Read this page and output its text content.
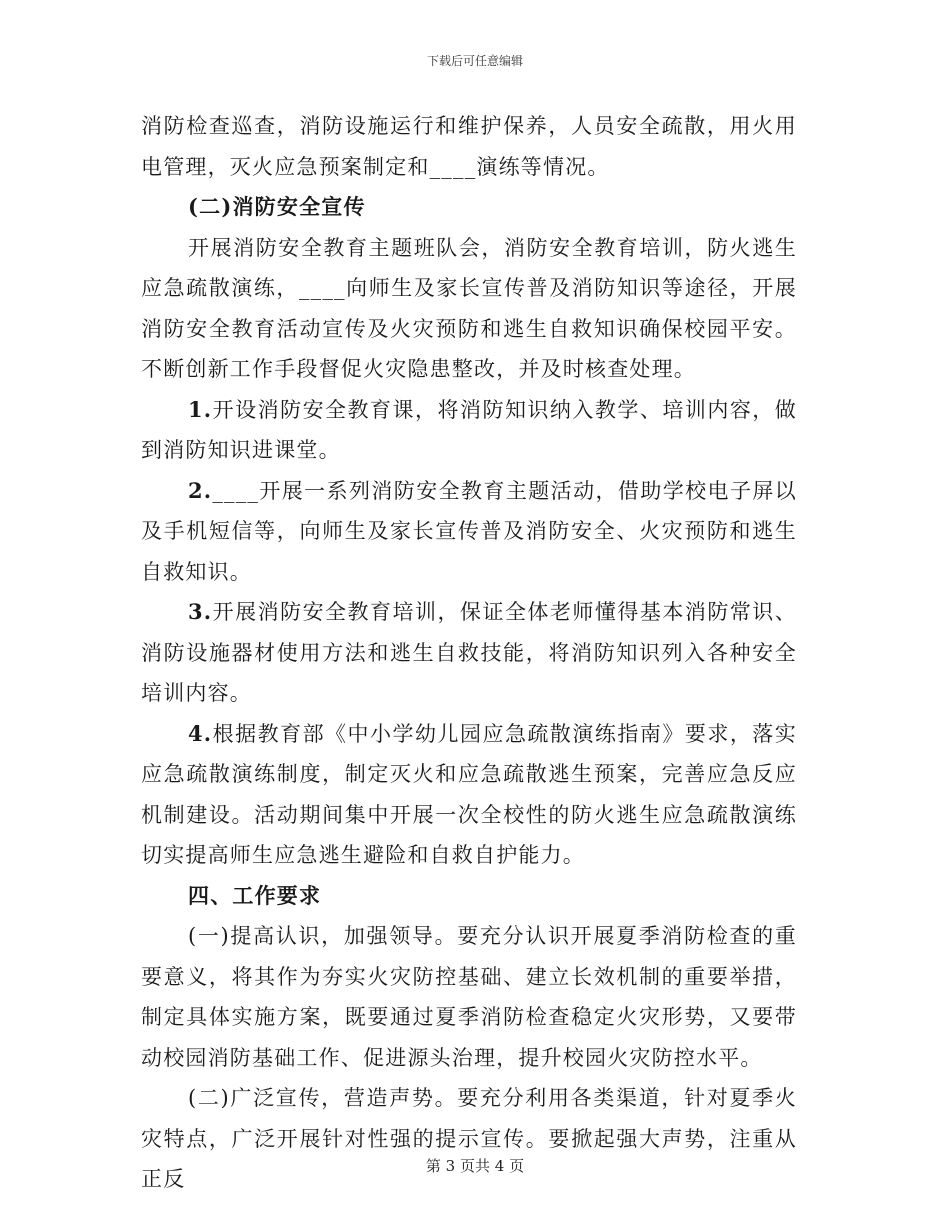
下载后可任意编辑

消防检查巡查，消防设施运行和维护保养，人员安全疏散，用火用电管理，灭火应急预案制定和____演练等情况。

(二)消防安全宣传

开展消防安全教育主题班队会，消防安全教育培训，防火逃生应急疏散演练，____向师生及家长宣传普及消防知识等途径，开展消防安全教育活动宣传及火灾预防和逃生自救知识确保校园平安。不断创新工作手段督促火灾隐患整改，并及时核查处理。

1.开设消防安全教育课，将消防知识纳入教学、培训内容，做到消防知识进课堂。

2.____开展一系列消防安全教育主题活动，借助学校电子屏以及手机短信等，向师生及家长宣传普及消防安全、火灾预防和逃生自救知识。

3.开展消防安全教育培训，保证全体老师懂得基本消防常识、消防设施器材使用方法和逃生自救技能，将消防知识列入各种安全培训内容。

4.根据教育部《中小学幼儿园应急疏散演练指南》要求，落实应急疏散演练制度，制定灭火和应急疏散逃生预案，完善应急反应机制建设。活动期间集中开展一次全校性的防火逃生应急疏散演练切实提高师生应急逃生避险和自救自护能力。

四、工作要求

(一)提高认识，加强领导。要充分认识开展夏季消防检查的重要意义，将其作为夯实火灾防控基础、建立长效机制的重要举措，制定具体实施方案，既要通过夏季消防检查稳定火灾形势，又要带动校园消防基础工作、促进源头治理，提升校园火灾防控水平。

(二)广泛宣传，营造声势。要充分利用各类渠道，针对夏季火灾特点，广泛开展针对性强的提示宣传。要掀起强大声势，注重从正反

第 3 页共 4 页
